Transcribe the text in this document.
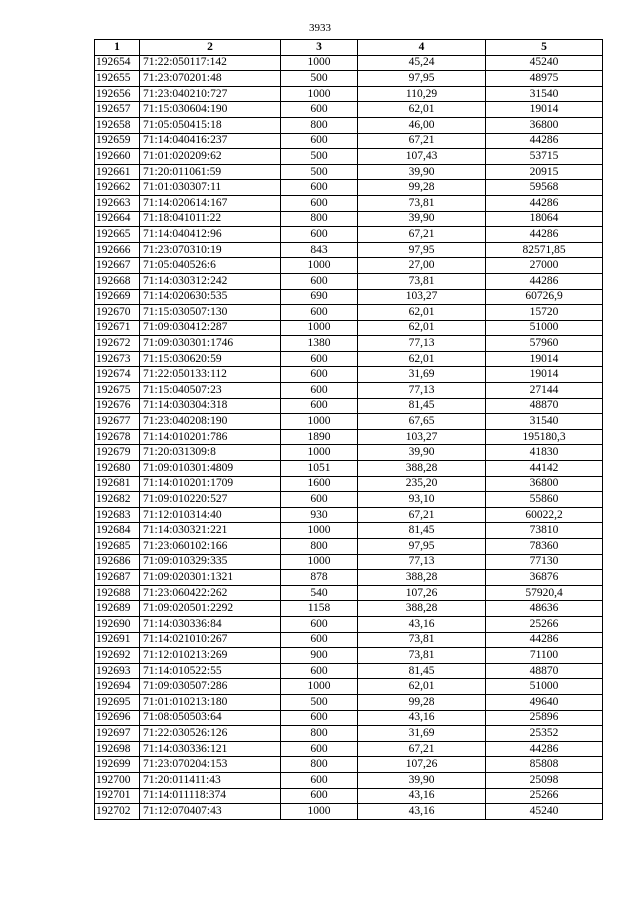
3933
1	2	3	4	5
192654	71:22:050117:142	1000	45,24	45240
192655	71:23:070201:48	500	97,95	48975
192656	71:23:040210:727	1000	110,29	31540
192657	71:15:030604:190	600	62,01	19014
192658	71:05:050415:18	800	46,00	36800
192659	71:14:040416:237	600	67,21	44286
192660	71:01:020209:62	500	107,43	53715
192661	71:20:011061:59	500	39,90	20915
192662	71:01:030307:11	600	99,28	59568
192663	71:14:020614:167	600	73,81	44286
192664	71:18:041011:22	800	39,90	18064
192665	71:14:040412:96	600	67,21	44286
192666	71:23:070310:19	843	97,95	82571,85
192667	71:05:040526:6	1000	27,00	27000
192668	71:14:030312:242	600	73,81	44286
192669	71:14:020630:535	690	103,27	60726,9
192670	71:15:030507:130	600	62,01	15720
192671	71:09:030412:287	1000	62,01	51000
192672	71:09:030301:1746	1380	77,13	57960
192673	71:15:030620:59	600	62,01	19014
192674	71:22:050133:112	600	31,69	19014
192675	71:15:040507:23	600	77,13	27144
192676	71:14:030304:318	600	81,45	48870
192677	71:23:040208:190	1000	67,65	31540
192678	71:14:010201:786	1890	103,27	195180,3
192679	71:20:031309:8	1000	39,90	41830
192680	71:09:010301:4809	1051	388,28	44142
192681	71:14:010201:1709	1600	235,20	36800
192682	71:09:010220:527	600	93,10	55860
192683	71:12:010314:40	930	67,21	60022,2
192684	71:14:030321:221	1000	81,45	73810
192685	71:23:060102:166	800	97,95	78360
192686	71:09:010329:335	1000	77,13	77130
192687	71:09:020301:1321	878	388,28	36876
192688	71:23:060422:262	540	107,26	57920,4
192689	71:09:020501:2292	1158	388,28	48636
192690	71:14:030336:84	600	43,16	25266
192691	71:14:021010:267	600	73,81	44286
192692	71:12:010213:269	900	73,81	71100
192693	71:14:010522:55	600	81,45	48870
192694	71:09:030507:286	1000	62,01	51000
192695	71:01:010213:180	500	99,28	49640
192696	71:08:050503:64	600	43,16	25896
192697	71:22:030526:126	800	31,69	25352
192698	71:14:030336:121	600	67,21	44286
192699	71:23:070204:153	800	107,26	85808
192700	71:20:011411:43	600	39,90	25098
192701	71:14:011118:374	600	43,16	25266
192702	71:12:070407:43	1000	43,16	45240
